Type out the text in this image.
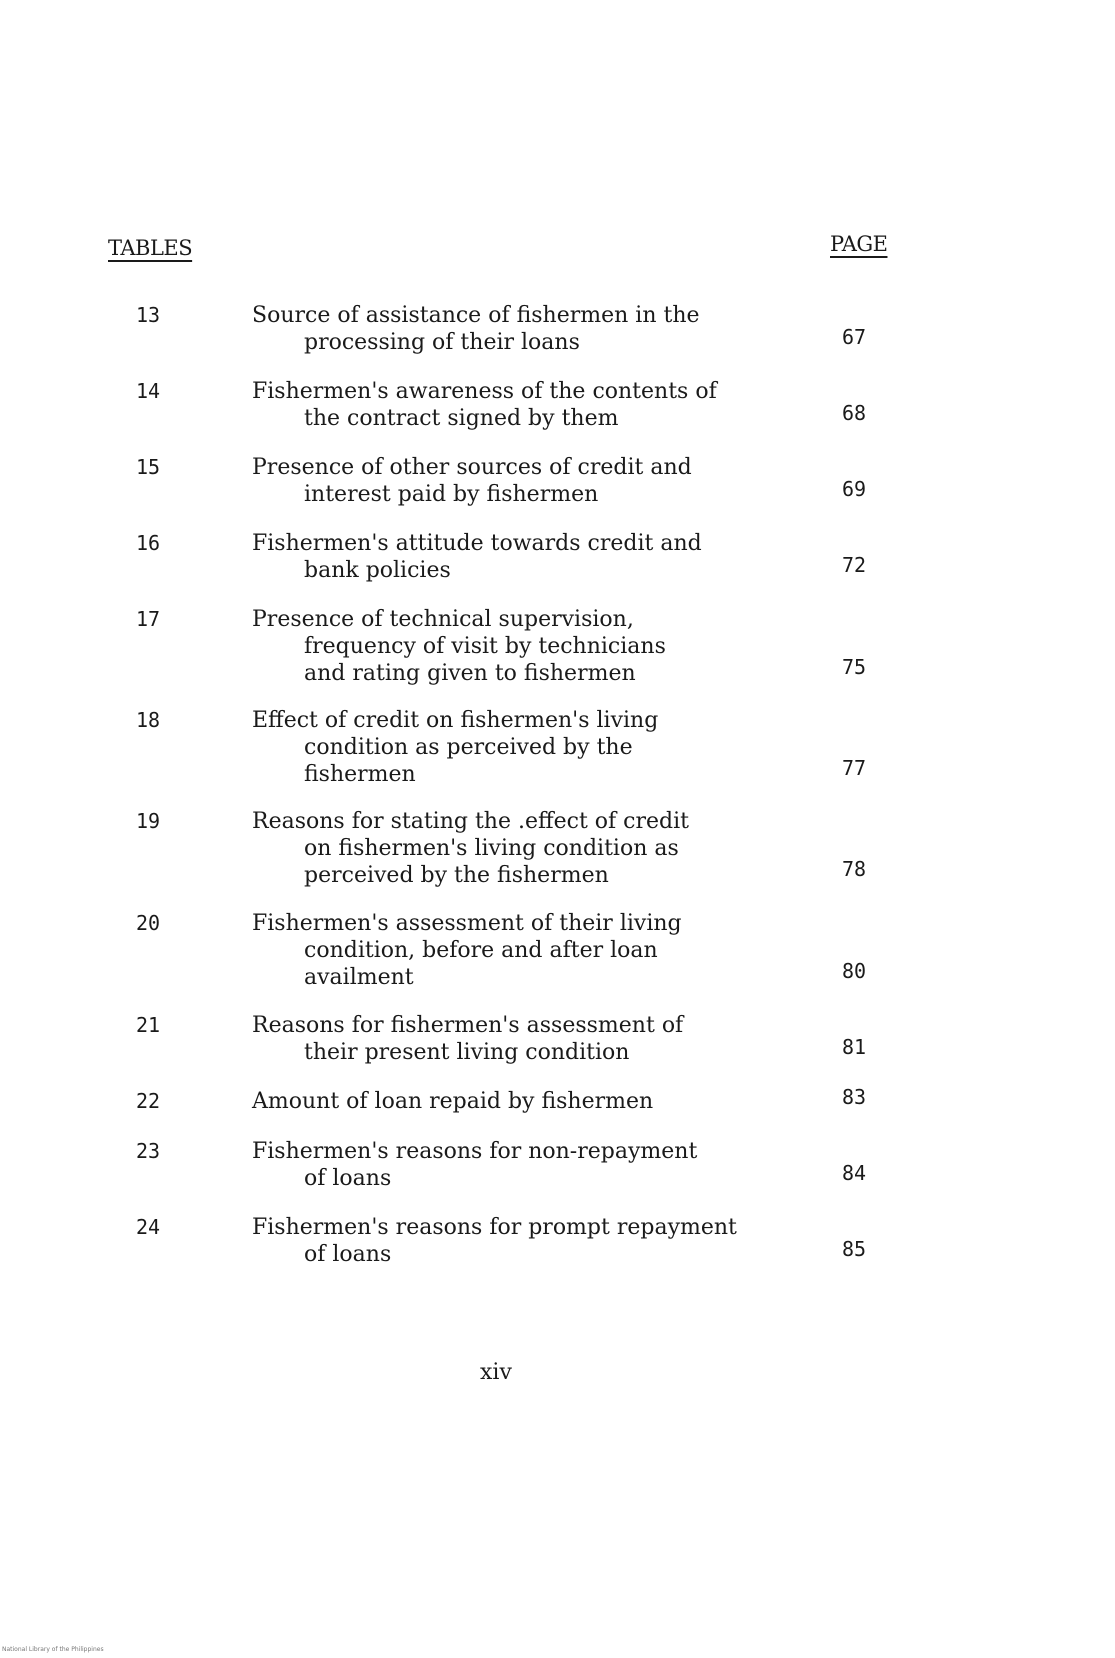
TABLES	PAGE
13	Source of assistance of fishermen in the
processing of their loans	67
14	Fishermen's awareness of the contents of
the contract signed by them	68
15	Presence of other sources of credit and
interest paid by fishermen	69
16	Fishermen's attitude towards credit and
bank policies	72
17	Presence of technical supervision,
frequency of visit by technicians
and rating given to fishermen	75
18	Effect of credit on fishermen's living
condition as perceived by the
fishermen	77
19	Reasons for stating the .effect of credit
on fishermen's living condition as
perceived by the fishermen	78
20	Fishermen's assessment of their living
condition, before and after loan
availment	80
21	Reasons for fishermen's assessment of
their present living condition	81
22	Amount of loan repaid by fishermen	83
23	Fishermen's reasons for non-repayment
of loans	84
24	Fishermen's reasons for prompt repayment
of loans	85
xiv
National Library of the Philippines
